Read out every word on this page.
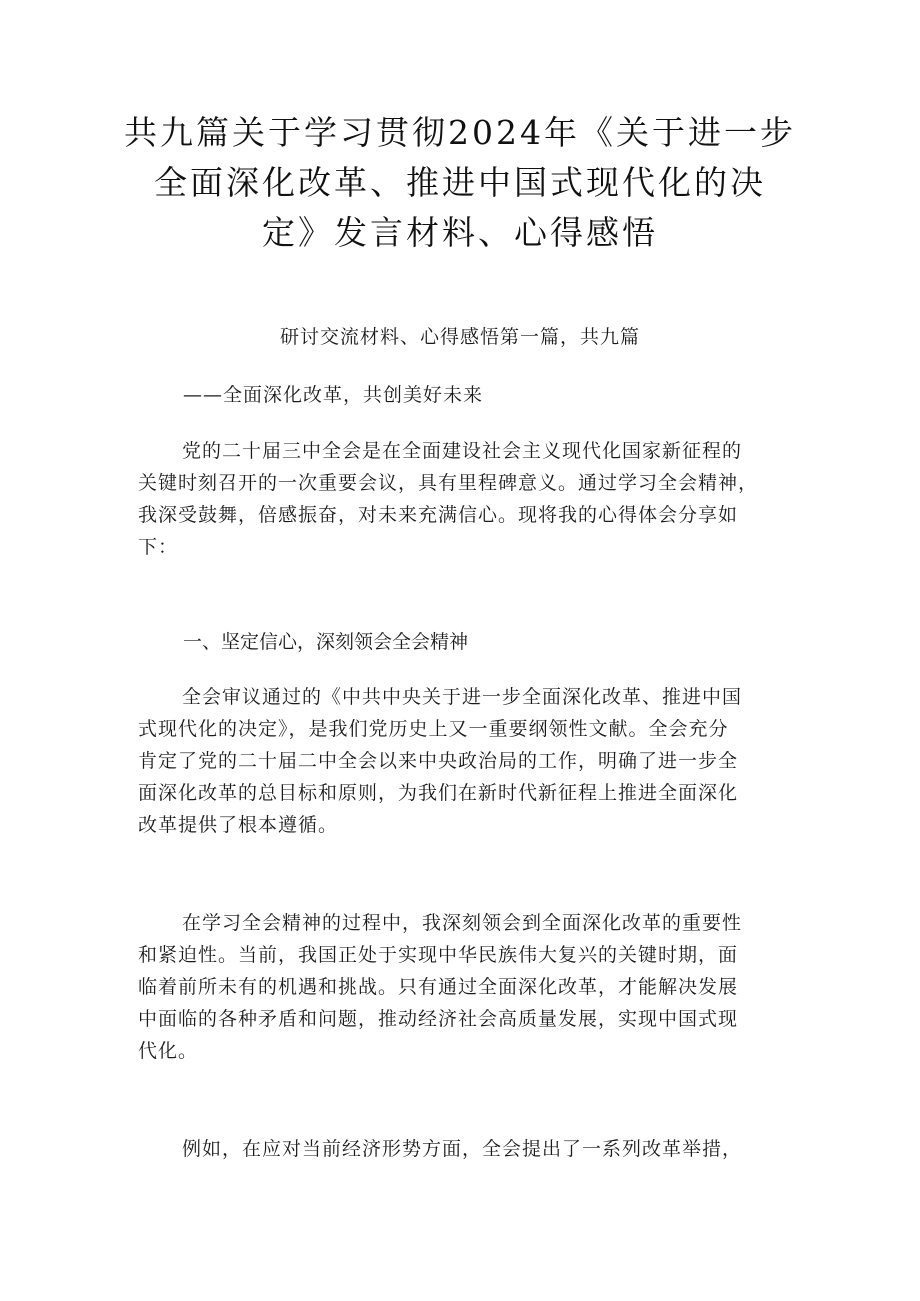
共九篇关于学习贯彻2024年《关于进一步
全面深化改革、推进中国式现代化的决
定》发言材料、心得感悟

研讨交流材料、心得感悟第一篇，共九篇

——全面深化改革，共创美好未来

党的二十届三中全会是在全面建设社会主义现代化国家新征程的
关键时刻召开的一次重要会议，具有里程碑意义。通过学习全会精神，
我深受鼓舞，倍感振奋，对未来充满信心。现将我的心得体会分享如
下：
一、坚定信心，深刻领会全会精神
全会审议通过的《中共中央关于进一步全面深化改革、推进中国
式现代化的决定》，是我们党历史上又一重要纲领性文献。全会充分
肯定了党的二十届二中全会以来中央政治局的工作，明确了进一步全
面深化改革的总目标和原则，为我们在新时代新征程上推进全面深化
改革提供了根本遵循。
在学习全会精神的过程中，我深刻领会到全面深化改革的重要性
和紧迫性。当前，我国正处于实现中华民族伟大复兴的关键时期，面
临着前所未有的机遇和挑战。只有通过全面深化改革，才能解决发展
中面临的各种矛盾和问题，推动经济社会高质量发展，实现中国式现
代化。
例如，在应对当前经济形势方面，全会提出了一系列改革举措，
